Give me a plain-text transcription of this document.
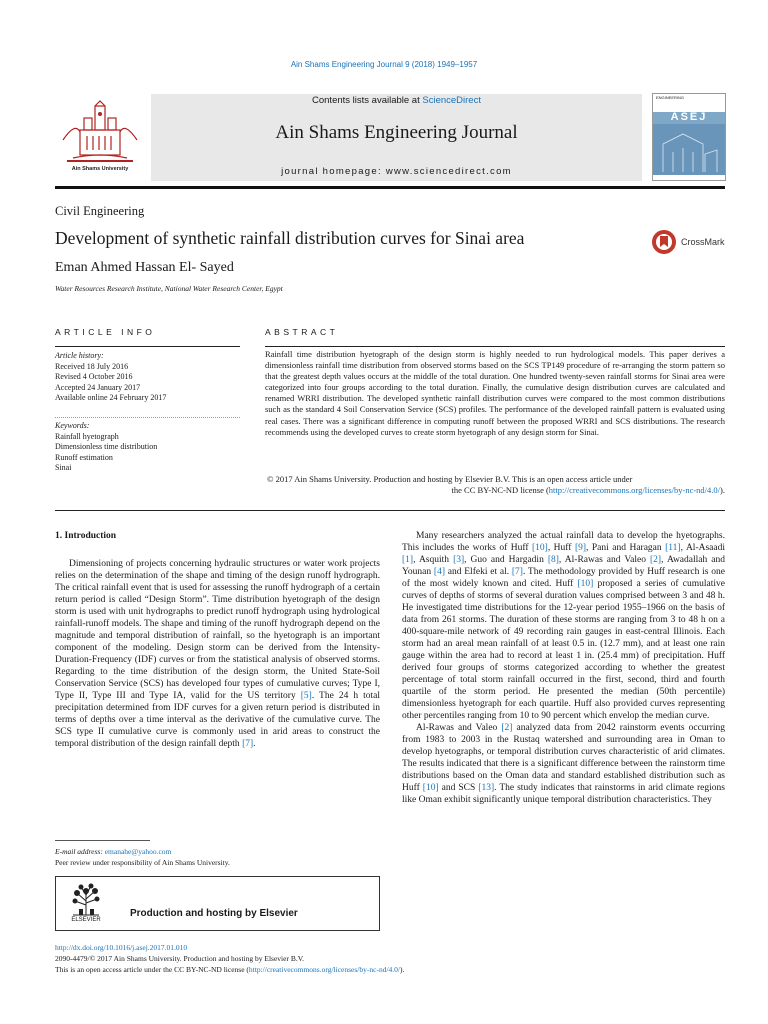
Ain Shams Engineering Journal 9 (2018) 1949–1957
Ain Shams University
Contents lists available at ScienceDirect
Ain Shams Engineering Journal
journal homepage: www.sciencedirect.com
ENGINEERING
ASEJ
Civil Engineering
Development of synthetic rainfall distribution curves for Sinai area	CrossMark
Eman Ahmed Hassan El- Sayed
Water Resources Research Institute, National Water Research Center, Egypt
ARTICLE INFO
Article history:
Received 18 July 2016
Revised 4 October 2016
Accepted 24 January 2017
Available online 24 February 2017
Keywords:
Rainfall hyetograph
Dimensionless time distribution
Runoff estimation
Sinai
ABSTRACT
Rainfall time distribution hyetograph of the design storm is highly needed to run hydrological models. This paper derives a dimensionless rainfall time distribution from observed storms based on the SCS TP149 procedure of re-arranging the storm pattern so that the greatest depth values occurs at the middle of the total duration. One hundred twenty-seven rainfall storms for Sinai area were categorized into four groups according to the total duration. Finally, the cumulative design distribution curves are calculated and renamed WRRI distribution. The developed synthetic rainfall distribution curves were compared to the most common distributions such as the standard 4 Soil Conservation Service (SCS) profiles. The performance of the developed rainfall pattern is evaluated using real cases. There was a significant difference in computing runoff between the proposed WRRI and SCS distributions. The research recommends using the developed curves to create storm hyetograph of any design storm for Sinai.
© 2017 Ain Shams University. Production and hosting by Elsevier B.V. This is an open access article under
the CC BY-NC-ND license (http://creativecommons.org/licenses/by-nc-nd/4.0/).
1. Introduction

Dimensioning of projects concerning hydraulic structures or water work projects relies on the determination of the shape and timing of the design runoff hydrograph. The critical rainfall event that is used for assessing the runoff hydrograph of a certain return period is called “Design Storm”. Time distribution hyetograph of the design storm is used with unit hydrographs to predict runoff hydrograph using hydrological rainfall-runoff models. The shape and timing of the runoff hydrograph depend on the magnitude and temporal distribution of rainfall, so the hyetograph is an important component of the modeling. Design storm can be derived from the Intensity-Duration-Frequency (IDF) curves or from the statistical analysis of observed storms. Regarding to the time distribution of the design storm, the United State-Soil Conservation Service (SCS) has developed four types of cumulative curves; Type I, Type II, Type III and Type IA, valid for the US territory [5]. The 24 h total precipitation determined from IDF curves for a given return period is distributed in terms of depths over a time interval as the derivative of the cumulative curve. The SCS type II cumulative curve is commonly used in arid areas to construct the temporal distribution of the design rainfall depth [7].

Many researchers analyzed the actual rainfall data to develop the hyetographs. This includes the works of Huff [10], Huff [9], Pani and Haragan [11], Al-Asaadi [1], Asquith [3], Guo and Hargadin [8], Al-Rawas and Valeo [2], Awadallah and Younan [4] and Elfeki et al. [7]. The methodology provided by Huff research is one of the most widely known and cited. Huff [10] proposed a series of cumulative curves of depths of storms of several duration values comprised between 3 and 48 h. He investigated time distributions for the 12-year period 1955–1966 on the basis of data from 261 storms. The duration of these storms are ranging from 3 to 48 h on a 400-square-mile network of 49 recording rain gauges in east-central Illinois. Each storm had an areal mean rainfall of at least 0.5 in. (12.7 mm), and at least one rain gauge within the area had to record at least 1 in. (25.4 mm) of precipitation. Huff derived four groups of storms categorized according to whether the greatest percentage of total storm rainfall occurred in the first, second, third and fourth quartile of the storm period. He presented the median (50th percentile) dimensionless hyetograph for each quartile. Huff also provided curves representing other percentiles ranging from 10 to 90 percent which envelop the median curve.

Al-Rawas and Valeo [2] analyzed data from 2042 rainstorm events occurring from 1983 to 2003 in the Rustaq watershed and surrounding area in Oman to develop hyetographs, or temporal distribution curves characteristic of arid climates. The results indicated that there is a significant difference between the rainstorm time distributions based on the Oman data and standard established distribution such as Huff [10] and SCS [13]. The study indicates that rainstorms in arid climate regions like Oman exhibit significantly unique temporal distribution characteristics. They

E-mail address: emanahe@yahoo.com
Peer review under responsibility of Ain Shams University.
ELSEVIER
Production and hosting by Elsevier
http://dx.doi.org/10.1016/j.asej.2017.01.010
2090-4479/© 2017 Ain Shams University. Production and hosting by Elsevier B.V.
This is an open access article under the CC BY-NC-ND license (http://creativecommons.org/licenses/by-nc-nd/4.0/).
